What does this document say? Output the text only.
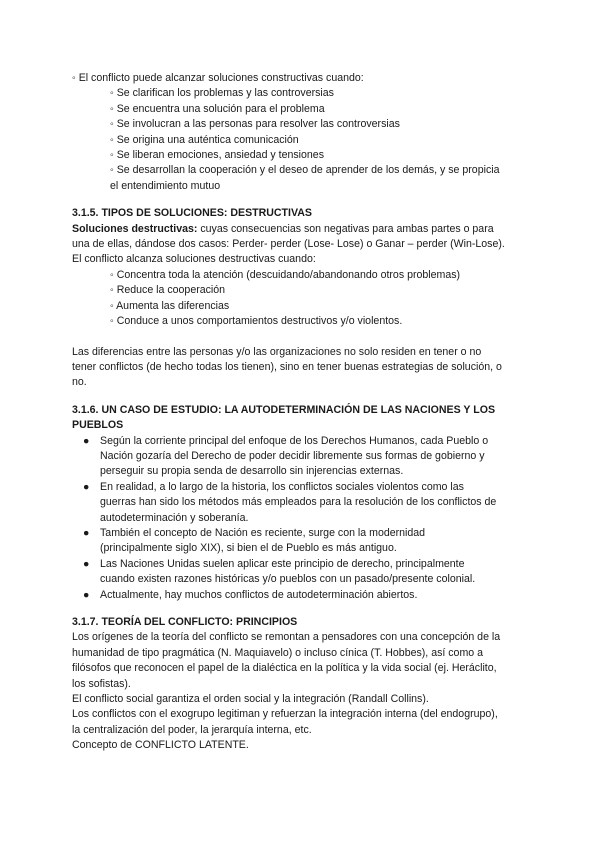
◦ El conflicto puede alcanzar soluciones constructivas cuando:
◦ Se clarifican los problemas y las controversias
◦ Se encuentra una solución para el problema
◦ Se involucran a las personas para resolver las controversias
◦ Se origina una auténtica comunicación
◦ Se liberan emociones, ansiedad y tensiones
◦ Se desarrollan la cooperación y el deseo de aprender de los demás, y se propicia
el entendimiento mutuo
3.1.5. TIPOS DE SOLUCIONES: DESTRUCTIVAS
Soluciones destructivas: cuyas consecuencias son negativas para ambas partes o para
una de ellas, dándose dos casos: Perder- perder (Lose- Lose) o Ganar – perder (Win-Lose).
El conflicto alcanza soluciones destructivas cuando:
◦ Concentra toda la atención (descuidando/abandonando otros problemas)
◦ Reduce la cooperación
◦ Aumenta las diferencias
◦ Conduce a unos comportamientos destructivos y/o violentos.
Las diferencias entre las personas y/o las organizaciones no solo residen en tener o no
tener conflictos (de hecho todas los tienen), sino en tener buenas estrategias de solución, o
no.
3.1.6. UN CASO DE ESTUDIO: LA AUTODETERMINACIÓN DE LAS NACIONES Y LOS
PUEBLOS
● Según la corriente principal del enfoque de los Derechos Humanos, cada Pueblo o
Nación gozaría del Derecho de poder decidir libremente sus formas de gobierno y
perseguir su propia senda de desarrollo sin injerencias externas.
● En realidad, a lo largo de la historia, los conflictos sociales violentos como las
guerras han sido los métodos más empleados para la resolución de los conflictos de
autodeterminación y soberanía.
● También el concepto de Nación es reciente, surge con la modernidad
(principalmente siglo XIX), si bien el de Pueblo es más antiguo.
● Las Naciones Unidas suelen aplicar este principio de derecho, principalmente
cuando existen razones históricas y/o pueblos con un pasado/presente colonial.
● Actualmente, hay muchos conflictos de autodeterminación abiertos.
3.1.7. TEORÍA DEL CONFLICTO: PRINCIPIOS
Los orígenes de la teoría del conflicto se remontan a pensadores con una concepción de la
humanidad de tipo pragmática (N. Maquiavelo) o incluso cínica (T. Hobbes), así como a
filósofos que reconocen el papel de la dialéctica en la política y la vida social (ej. Heráclito,
los sofistas).
El conflicto social garantiza el orden social y la integración (Randall Collins).
Los conflictos con el exogrupo legitiman y refuerzan la integración interna (del endogrupo),
la centralización del poder, la jerarquía interna, etc.
Concepto de CONFLICTO LATENTE.
